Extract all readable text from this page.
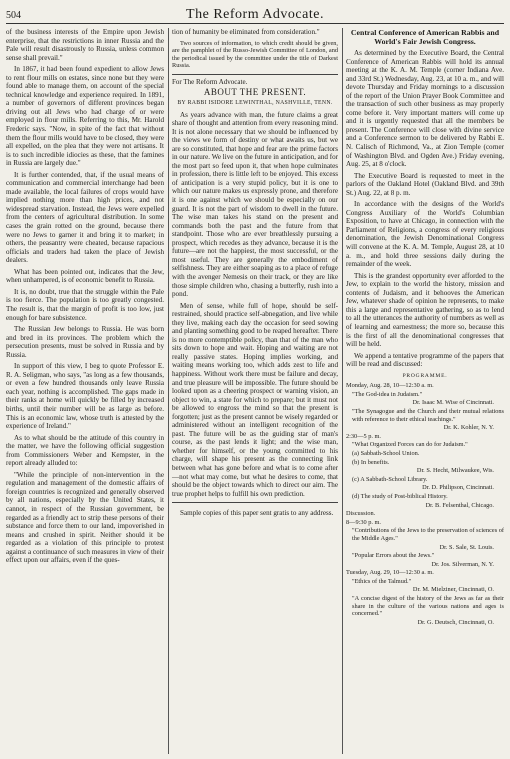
504	The Reform Advocate.

of the business interests of the Empire upon Jewish enterprise, that the restrictions in inner Russia and the Pale will result disastrously to Russia, unless common sense shall prevail."

In 1867, it had been found expedient to allow Jews to rent flour mills on estates, since none but they were found able to manage them, on account of the special technical knowledge and experience required. In 1891, a number of governors of different provinces began driving out all Jews who had charge of or were employed in flour mills. Referring to this, Mr. Harold Frederic says. "Now, in spite of the fact that without them the flour mills would have to be closed, they were all expelled, on the plea that they were not artisans. It is to such incredible idiocies as these, that the famines in Russia are largely due."

It is further contended, that, if the usual means of communication and commercial interchange had been made available, the local failures of crops would have implied nothing more than high prices, and not widespread starvation. Instead, the Jews were expelled from the centers of agricultural distribution. In some cases the grain rotted on the ground, because there were no Jews to garner it and bring it to market; in others, the peasantry were cheated, because rapacious officials and traders had taken the place of Jewish dealers.

What has been pointed out, indicates that the Jew, when unhampered, is of economic benefit to Russia.

It is, no doubt, true that the struggle within the Pale is too fierce. The population is too greatly congested. The result is, that the margin of profit is too low, just enough for bare subsistence.

The Russian Jew belongs to Russia. He was born and bred in its provinces. The problem which the persecution presents, must be solved in Russia and by Russia.

In support of this view, I beg to quote Professor E. R. A. Seligman, who says, "as long as a few thousands, or even a few hundred thousands only leave Russia each year, nothing is accomplished. The gaps made in their ranks at home will quickly be filled by increased births, until their number will be as large as before. This is an economic law, whose truth is attested by the experience of Ireland."

As to what should be the attitude of this country in the matter, we have the following official suggestion from Commissioners Weber and Kempster, in the report already alluded to:

"While the principle of non-intervention in the regulation and management of the domestic affairs of foreign countries is recognized and generally observed by all nations, especially by the United States, it cannot, in respect of the Russian government, be regarded as a friendly act to strip these persons of their substance and force them to our land, impoverished in means and crushed in spirit. Neither should it be regarded as a violation of this principle to protest against a continuance of such measures in view of their effect upon our affairs, even if the ques-

tion of humanity be eliminated from consideration."

Two sources of information, to which credit should be given, are the pamphlet of the Russo-Jewish Committee of London, and the periodical issued by the committee under the title of Darkest Russia.

For The Reform Advocate.
ABOUT THE PRESENT.
BY RABBI ISIDORE LEWINTHAL, NASHVILLE, TENN.

As years advance with man, the future claims a great share of thought and attention from every reasoning mind. It is not alone necessary that we should be influenced by the views we form of destiny or what awaits us, but we are so constituted, that hope and fear are the prime factors in our nature. We live on the future in anticipation, and for the most part so feed upon it, that when hope culminates in profession, there is little left to be enjoyed. This excess of anticipation is a very stupid policy, but it is one to which our nature makes us expressly prone, and therefore it is one against which we should be especially on our guard. It is not the part of wisdom to dwell in the future. The wise man takes his stand on the present and commands both the past and the future from that standpoint. Those who are ever breathlessly pursuing a prospect, which recedes as they advance, because it is the future—are not the happiest, the most successful, or the most useful. They are generally the embodiment of selfishness. They are either soaping as to a place of refuge with the avenger Nemesis on their track, or they are like those simple children who, chasing a butterfly, rush into a pond.

Men of sense, while full of hope, should be self-restrained, should practice self-abnegation, and live while they live, making each day the occasion for seed sowing and planting something good to be reaped hereafter. There is no more contemptible policy, than that of the man who sits down to hope and wait. Hoping and waiting are not really passive states. Hoping implies working, and waiting means working too, which adds zest to life and happiness. Without work there must be failure and decay, and true pleasure will be impossible. The future should be looked upon as a cheering prospect or warning vision, an object to win, a state for which to prepare; but it must not be allowed to engross the mind so that the present is forgotten; just as the present cannot be wisely regarded or administered without an intelligent recognition of the past. The future will be as the guiding star of man's course, as the past lends it light; and the wise man, whether for himself, or the young committed to his charge, will shape his present as the connecting link between what has gone before and what is to come after—not what may come, but what he desires to come, that should be the object towards which to direct our aim. The true prophet helps to fulfill his own prediction.

Sample copies of this paper sent gratis to any address.

Central Conference of American Rabbis and World's Fair Jewish Congress.

As determined by the Executive Board, the Central Conference of American Rabbis will hold its annual meeting at the K. A. M. Temple (corner Indiana Ave. and 33rd St.) Wednesday, Aug. 23, at 10 a. m., and will devote Thursday and Friday mornings to a discussion of the report of the Union Prayer Book Committee and the transaction of such other business as may properly come before it. Very important matters will come up and it is urgently requested that all the members be present. The Conference will close with divine service and a Conference sermon to be delivered by Rabbi E. N. Calisch of Richmond, Va., at Zion Temple (corner of Washington Blvd. and Ogden Ave.) Friday evening, Aug. 25, at 8 o'clock.

The Executive Board is requested to meet in the parlors of the Oakland Hotel (Oakland Blvd. and 39th St.) Aug. 22, at 8 p. m.

In accordance with the designs of the World's Congress Auxiliary of the World's Columbian Exposition, to have at Chicago, in connection with the Parliament of Religions, a congress of every religious denomination, the Jewish Denominational Congress will convene at the K. A. M. Temple, August 28, at 10 a. m., and hold three sessions daily during the remainder of the week.

This is the grandest opportunity ever afforded to the Jew, to explain to the world the history, mission and contents of Judaism, and it behooves the American Jew, whatever shade of opinion he represents, to make this a large and representative gathering, so as to lend to all the utterances the authority of numbers as well as of learning and earnestness; the more so, because this is the first of all the denominational congresses that will be held.

We append a tentative programme of the papers that will be read and discussed:

PROGRAMME.

Monday, Aug. 28, 10—12:30 a. m.

"The God-idea in Judaism."

Dr. Isaac M. Wise of Cincinnati.

"The Synagogue and the Church and their mutual relations with reference to their ethical teachings."

Dr. K. Kohler, N. Y.

2:30—5 p. m.

"What Organized Forces can do for Judaism."

(a) Sabbath-School Union.

(b) In benefits.

Dr. S. Hecht, Milwaukee, Wis.

(c) A Sabbath-School Library.

Dr. D. Philipson, Cincinnati.

(d) The study of Post-biblical History.

Dr. B. Felsenthal, Chicago.

Discussion.

8—9:30 p. m.

"Contributions of the Jews to the preservation of sciences of the Middle Ages."

Dr. S. Sale, St. Louis.

"Popular Errors about the Jews."

Dr. Jos. Silverman, N. Y.

Tuesday, Aug. 29, 10—12:30 a. m.

"Ethics of the Talmud."

Dr. M. Mielziner, Cincinnati, O.

"A concise digest of the history of the Jews as far as their share in the culture of the various nations and ages is concerned."

Dr. G. Deutsch, Cincinnati, O.
